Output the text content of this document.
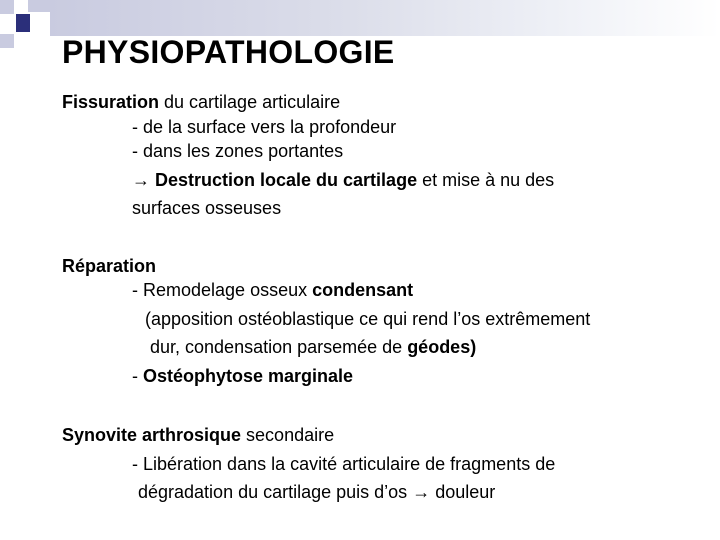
PHYSIOPATHOLOGIE
Fissuration du cartilage articulaire
- de la surface vers la profondeur
- dans les zones portantes
→ Destruction locale du cartilage et mise à nu des
surfaces osseuses
Réparation
- Remodelage osseux condensant
(apposition ostéoblastique ce qui rend l’os extrêmement
dur, condensation parsemée de géodes)
- Ostéophytose marginale
Synovite arthrosique secondaire
- Libération dans la cavité articulaire de fragments de
dégradation du cartilage puis d’os → douleur
